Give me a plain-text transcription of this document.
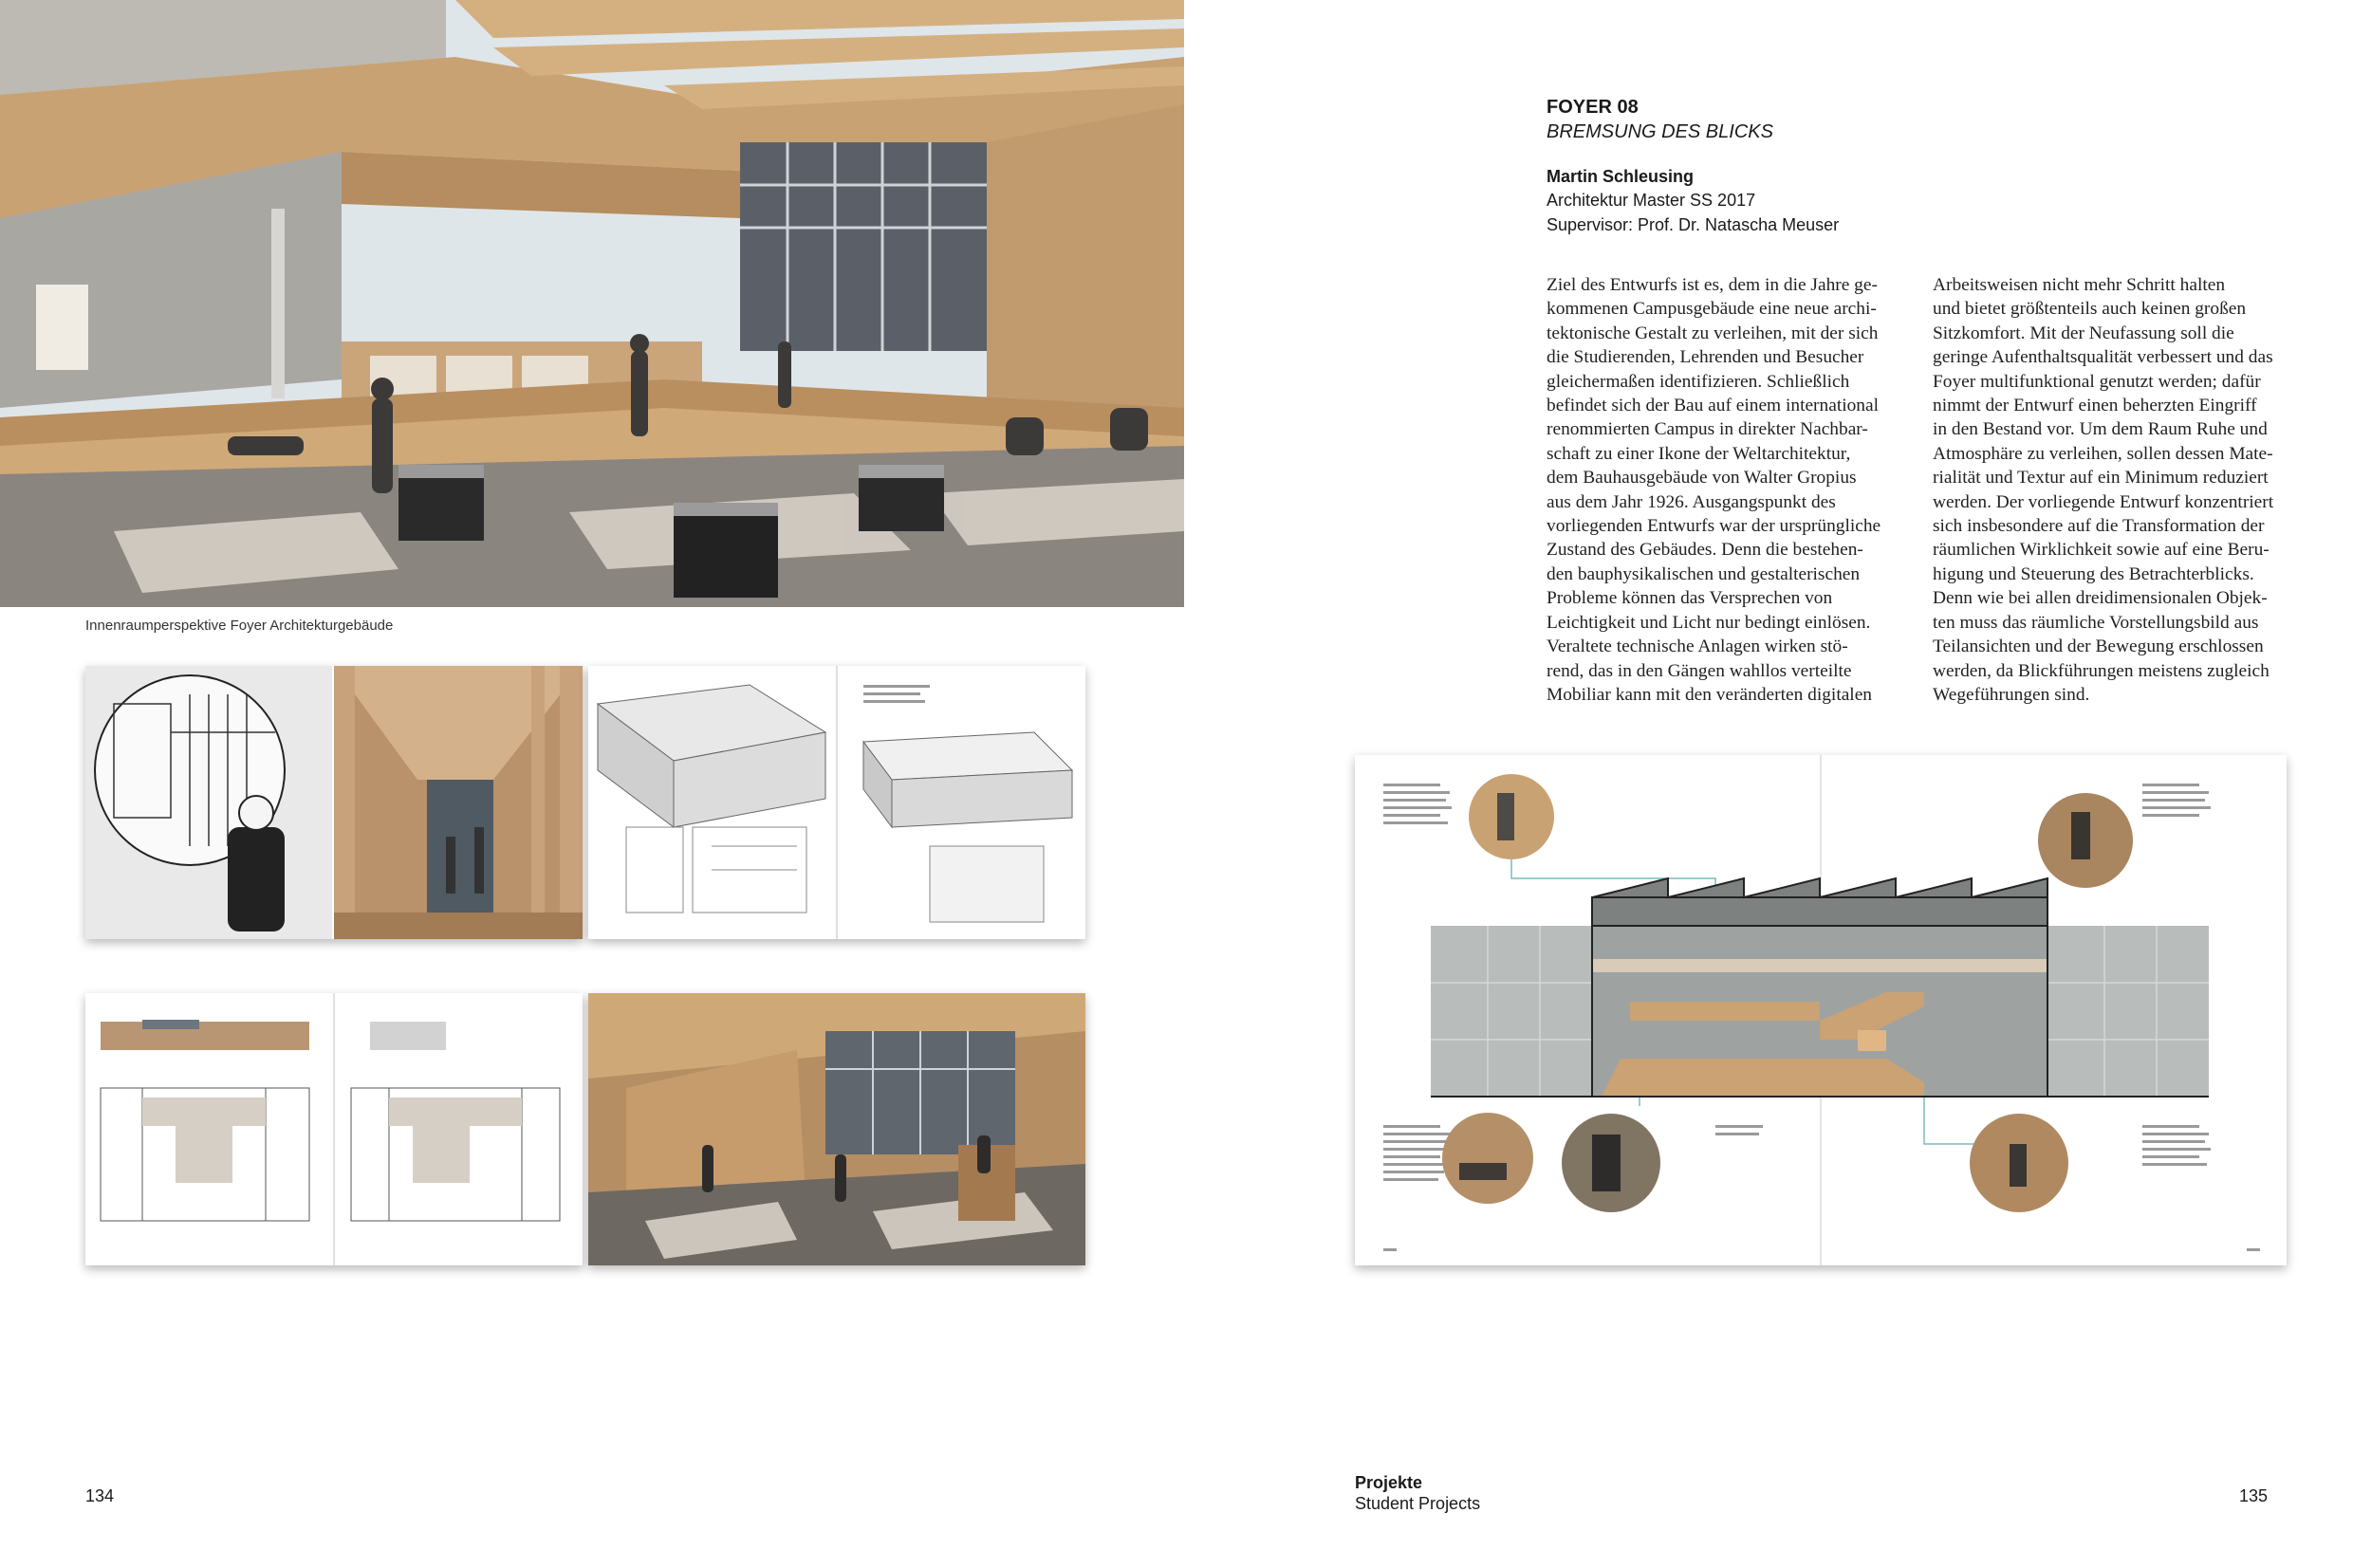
Innenraumperspektive Foyer Architekturgebäude
134
FOYER 08
BREMSUNG DES BLICKS
Martin Schleusing
Architektur Master SS 2017
Supervisor: Prof. Dr. Natascha Meuser
Ziel des Entwurfs ist es, dem in die Jahre ge-
kommenen Campusgebäude eine neue archi-
tektonische Gestalt zu verleihen, mit der sich
die Studierenden, Lehrenden und Besucher
gleichermaßen identifizieren. Schließlich
befindet sich der Bau auf einem international
renommierten Campus in direkter Nachbar-
schaft zu einer Ikone der Weltarchitektur,
dem Bauhausgebäude von Walter Gropius
aus dem Jahr 1926. Ausgangspunkt des
vorliegenden Entwurfs war der ursprüngliche
Zustand des Gebäudes. Denn die bestehen-
den bauphysikalischen und gestalterischen
Probleme können das Versprechen von
Leichtigkeit und Licht nur bedingt einlösen.
Veraltete technische Anlagen wirken stö-
rend, das in den Gängen wahllos verteilte
Mobiliar kann mit den veränderten digitalen
Arbeitsweisen nicht mehr Schritt halten
und bietet größtenteils auch keinen großen
Sitzkomfort. Mit der Neufassung soll die
geringe Aufenthaltsqualität verbessert und das
Foyer multifunktional genutzt werden; dafür
nimmt der Entwurf einen beherzten Eingriff
in den Bestand vor. Um dem Raum Ruhe und
Atmosphäre zu verleihen, sollen dessen Mate-
rialität und Textur auf ein Minimum reduziert
werden. Der vorliegende Entwurf konzentriert
sich insbesondere auf die Transformation der
räumlichen Wirklichkeit sowie auf eine Beru-
higung und Steuerung des Betrachterblicks.
Denn wie bei allen dreidimensionalen Objek-
ten muss das räumliche Vorstellungsbild aus
Teilansichten und der Bewegung erschlossen
werden, da Blickführungen meistens zugleich
Wegeführungen sind.
Projekte
Student Projects	135
